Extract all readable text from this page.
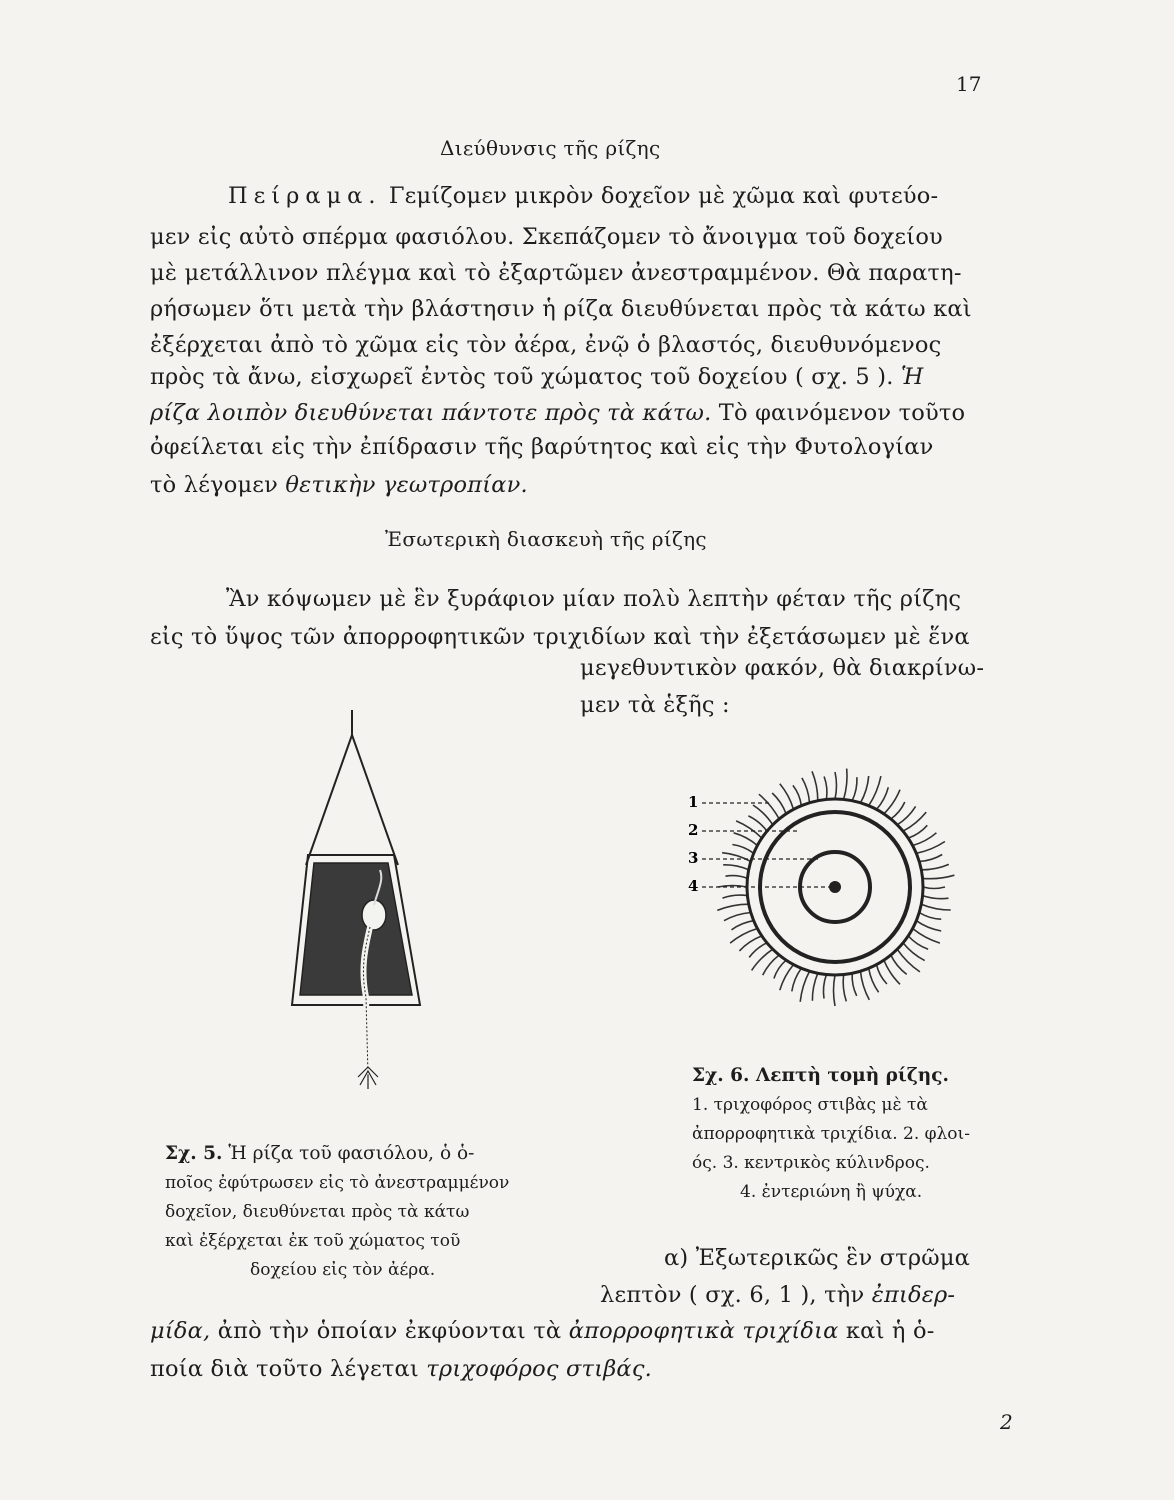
17
Διεύθυνσις τῆς ρίζης
Πείραμα. Γεμίζομεν μικρὸν δοχεῖον μὲ χῶμα καὶ φυτεύο-
μεν εἰς αὐτὸ σπέρμα φασιόλου. Σκεπάζομεν τὸ ἄνοιγμα τοῦ δοχείου
μὲ μετάλλινον πλέγμα καὶ τὸ ἐξαρτῶμεν ἀνεστραμμένον. Θὰ παρατη-
ρήσωμεν ὅτι μετὰ τὴν βλάστησιν ἡ ρίζα διευθύνεται πρὸς τὰ κάτω καὶ
ἐξέρχεται ἀπὸ τὸ χῶμα εἰς τὸν ἀέρα, ἐνῷ ὁ βλαστός, διευθυνόμενος
πρὸς τὰ ἄνω, εἰσχωρεῖ ἐντὸς τοῦ χώματος τοῦ δοχείου ( σχ. 5 ). Ἡ
ρίζα λοιπὸν διευθύνεται πάντοτε πρὸς τὰ κάτω. Τὸ φαινόμενον τοῦτο
ὀφείλεται εἰς τὴν ἐπίδρασιν τῆς βαρύτητος καὶ εἰς τὴν Φυτολογίαν
τὸ λέγομεν θετικὴν γεωτροπίαν.
Ἐσωτερικὴ διασκευὴ τῆς ρίζης
Ἂν κόψωμεν μὲ ἓν ξυράφιον μίαν πολὺ λεπτὴν φέταν τῆς ρίζης
εἰς τὸ ὕψος τῶν ἀπορροφητικῶν τριχιδίων καὶ τὴν ἐξετάσωμεν μὲ ἕνα
μεγεθυντικὸν φακόν, θὰ διακρίνω-
μεν τὰ ἑξῆς :
1
2
3
4
Σχ. 6. Λεπτὴ τομὴ ρίζης.
1. τριχοφόρος στιβὰς μὲ τὰ
ἀπορροφητικὰ τριχίδια. 2. φλοι-
ός. 3. κεντρικὸς κύλινδρος.
4. ἐντεριώνη ἢ ψύχα.
Σχ. 5. Ἡ ρίζα τοῦ φασιόλου, ὁ ὁ-
ποῖος ἐφύτρωσεν εἰς τὸ ἀνεστραμμένον
δοχεῖον, διευθύνεται πρὸς τὰ κάτω
καὶ ἐξέρχεται ἐκ τοῦ χώματος τοῦ
δοχείου εἰς τὸν ἀέρα.	α) Ἐξωτερικῶς ἓν στρῶμα
λεπτὸν ( σχ. 6, 1 ), τὴν ἐπιδερ-
μίδα, ἀπὸ τὴν ὁποίαν ἐκφύονται τὰ ἀπορροφητικὰ τριχίδια καὶ ἡ ὁ-
ποία διὰ τοῦτο λέγεται τριχοφόρος στιβάς.
2
